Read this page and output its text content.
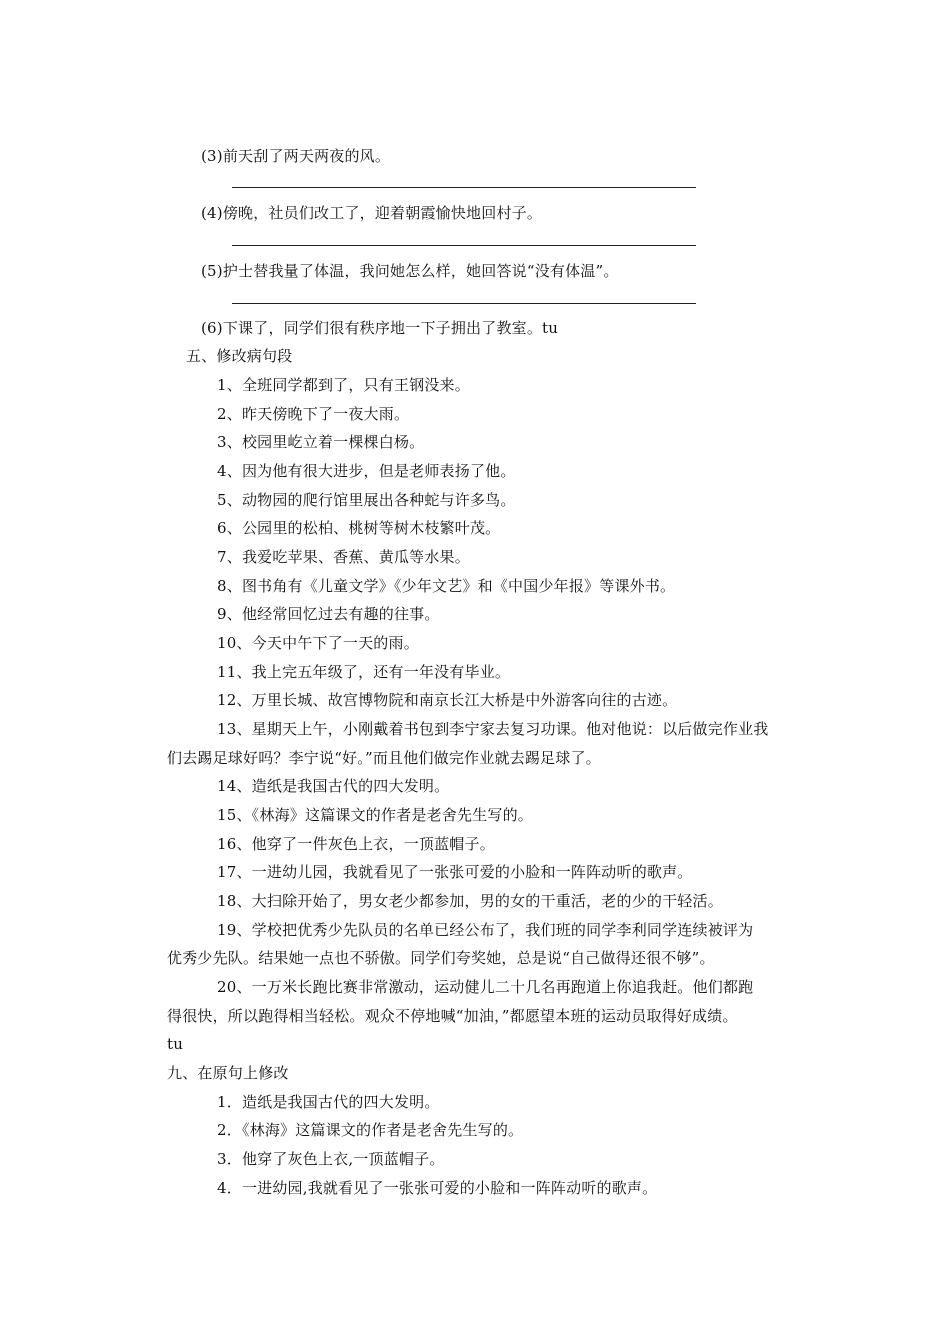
(3)前天刮了两天两夜的风。
(4)傍晚，社员们改工了，迎着朝霞愉快地回村子。
(5)护士替我量了体温，我问她怎么样，她回答说“没有体温”。
(6)下课了，同学们很有秩序地一下子拥出了教室。tu
五、修改病句段
1、全班同学都到了，只有王钢没来。
2、昨天傍晚下了一夜大雨。
3、校园里屹立着一棵棵白杨。
4、因为他有很大进步，但是老师表扬了他。
5、动物园的爬行馆里展出各种蛇与许多鸟。
6、公园里的松柏、桃树等树木枝繁叶茂。
7、我爱吃苹果、香蕉、黄瓜等水果。
8、图书角有《儿童文学》《少年文艺》和《中国少年报》等课外书。
9、他经常回忆过去有趣的往事。
10、今天中午下了一天的雨。
11、我上完五年级了，还有一年没有毕业。
12、万里长城、故宫博物院和南京长江大桥是中外游客向往的古迹。
13、星期天上午，小刚戴着书包到李宁家去复习功课。他对他说：以后做完作业我
们去踢足球好吗？李宁说“好。”而且他们做完作业就去踢足球了。
14、造纸是我国古代的四大发明。
15、《林海》这篇课文的作者是老舍先生写的。
16、他穿了一件灰色上衣，一顶蓝帽子。
17、一进幼儿园，我就看见了一张张可爱的小脸和一阵阵动听的歌声。
18、大扫除开始了，男女老少都参加，男的女的干重活，老的少的干轻活。
19、学校把优秀少先队员的名单已经公布了，我们班的同学李利同学连续被评为
优秀少先队。结果她一点也不骄傲。同学们夸奖她，总是说“自己做得还很不够”。
20、一万米长跑比赛非常激动，运动健儿二十几名再跑道上你追我赶。他们都跑
得很快，所以跑得相当轻松。观众不停地喊“加油，”都愿望本班的运动员取得好成绩。
tu
九、在原句上修改
1．造纸是我国古代的四大发明。
2．《林海》这篇课文的作者是老舍先生写的。
3．他穿了灰色上衣,一顶蓝帽子。
4．一进幼园,我就看见了一张张可爱的小脸和一阵阵动听的歌声。
